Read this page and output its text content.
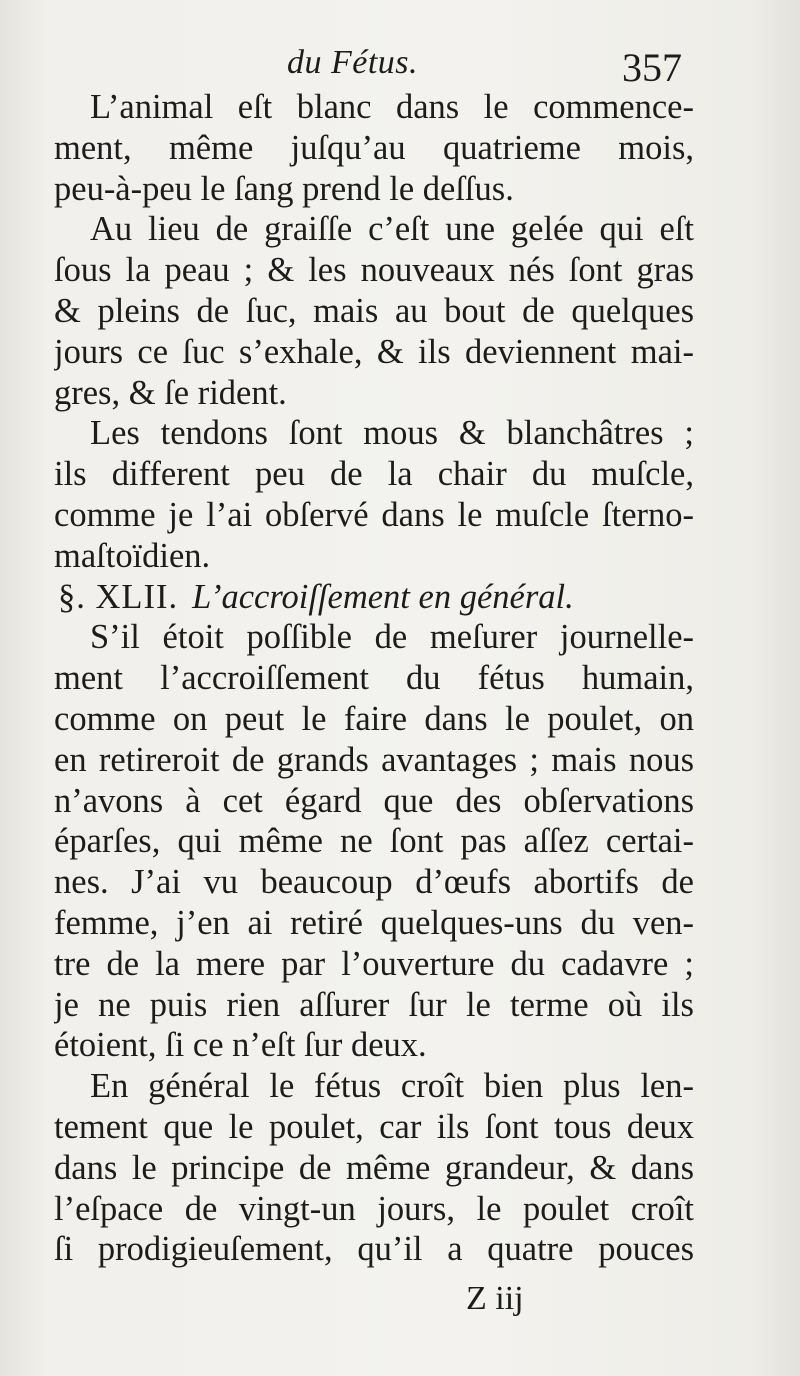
du Fétus.	357
L’animal eſt blanc dans le commence-
ment, même juſqu’au quatrieme mois,
peu-à-peu le ſang prend le deſſus.
Au lieu de graiſſe c’eſt une gelée qui eſt
ſous la peau ; & les nouveaux nés ſont gras
& pleins de ſuc, mais au bout de quelques
jours ce ſuc s’exhale, & ils deviennent mai-
gres, & ſe rident.
Les tendons ſont mous & blanchâtres ;
ils different peu de la chair du muſcle,
comme je l’ai obſervé dans le muſcle ſterno-
maſtoïdien.
§. XLII. L’accroiſſement en général.
S’il étoit poſſible de meſurer journelle-
ment l’accroiſſement du fétus humain,
comme on peut le faire dans le poulet, on
en retireroit de grands avantages ; mais nous
n’avons à cet égard que des obſervations
éparſes, qui même ne ſont pas aſſez certai-
nes. J’ai vu beaucoup d’œufs abortifs de
femme, j’en ai retiré quelques-uns du ven-
tre de la mere par l’ouverture du cadavre ;
je ne puis rien aſſurer ſur le terme où ils
étoient, ſi ce n’eſt ſur deux.
En général le fétus croît bien plus len-
tement que le poulet, car ils ſont tous deux
dans le principe de même grandeur, & dans
l’eſpace de vingt-un jours, le poulet croît
ſi prodigieuſement, qu’il a quatre pouces
Z iij
